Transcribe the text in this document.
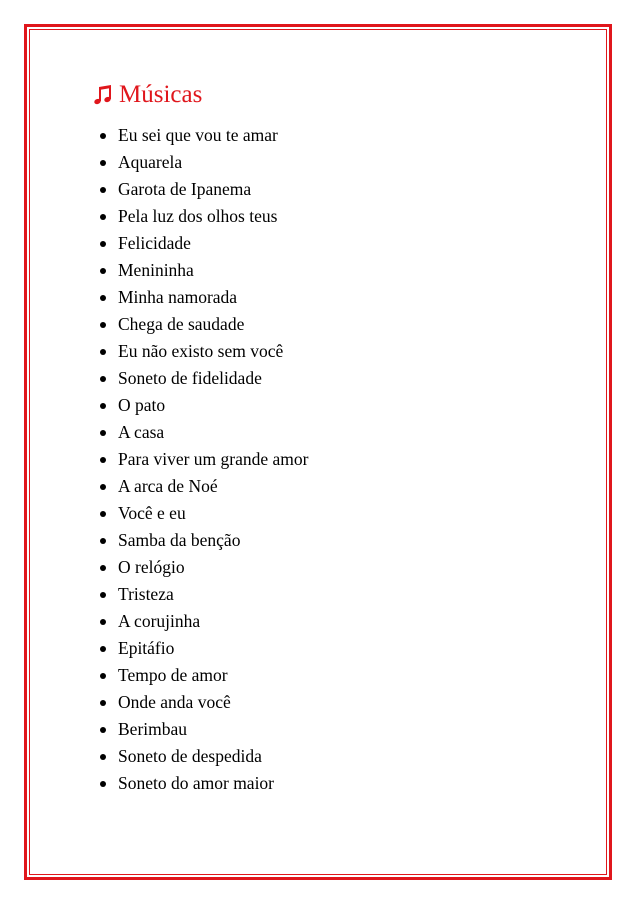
Músicas
Eu sei que vou te amar
Aquarela
Garota de Ipanema
Pela luz dos olhos teus
Felicidade
Menininha
Minha namorada
Chega de saudade
Eu não existo sem você
Soneto de fidelidade
O pato
A casa
Para viver um grande amor
A arca de Noé
Você e eu
Samba da benção
O relógio
Tristeza
A corujinha
Epitáfio
Tempo de amor
Onde anda você
Berimbau
Soneto de despedida
Soneto do amor maior
